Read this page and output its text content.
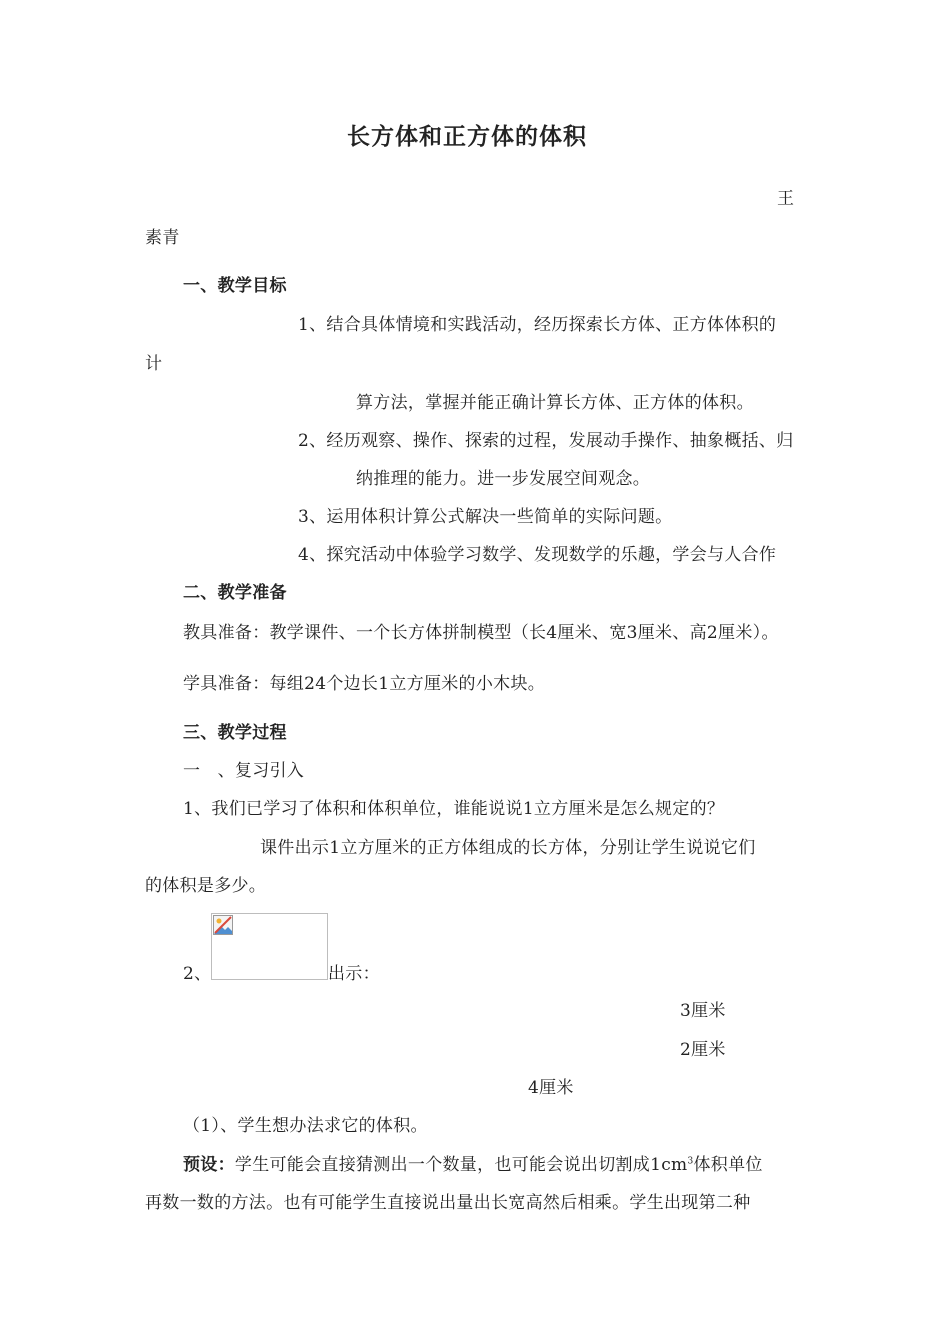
长方体和正方体的体积
王
素青
一、教学目标
1、结合具体情境和实践活动，经历探索长方体、正方体体积的
计
算方法，掌握并能正确计算长方体、正方体的体积。
2、经历观察、操作、探索的过程，发展动手操作、抽象概括、归
纳推理的能力。进一步发展空间观念。
3、运用体积计算公式解决一些简单的实际问题。
4、探究活动中体验学习数学、发现数学的乐趣，学会与人合作
二、教学准备
教具准备：教学课件、一个长方体拼制模型（长4厘米、宽3厘米、高2厘米）。
学具准备：每组24个边长1立方厘米的小木块。
三、教学过程
一　、复习引入
1、我们已学习了体积和体积单位，谁能说说1立方厘米是怎么规定的？
课件出示1立方厘米的正方体组成的长方体，分别让学生说说它们
的体积是多少。
2、	出示：
3厘米
2厘米
4厘米
（1）、学生想办法求它的体积。
预设：学生可能会直接猜测出一个数量，也可能会说出切割成$1cm^3$体积单位
再数一数的方法。也有可能学生直接说出量出长宽高然后相乘。学生出现第二种
